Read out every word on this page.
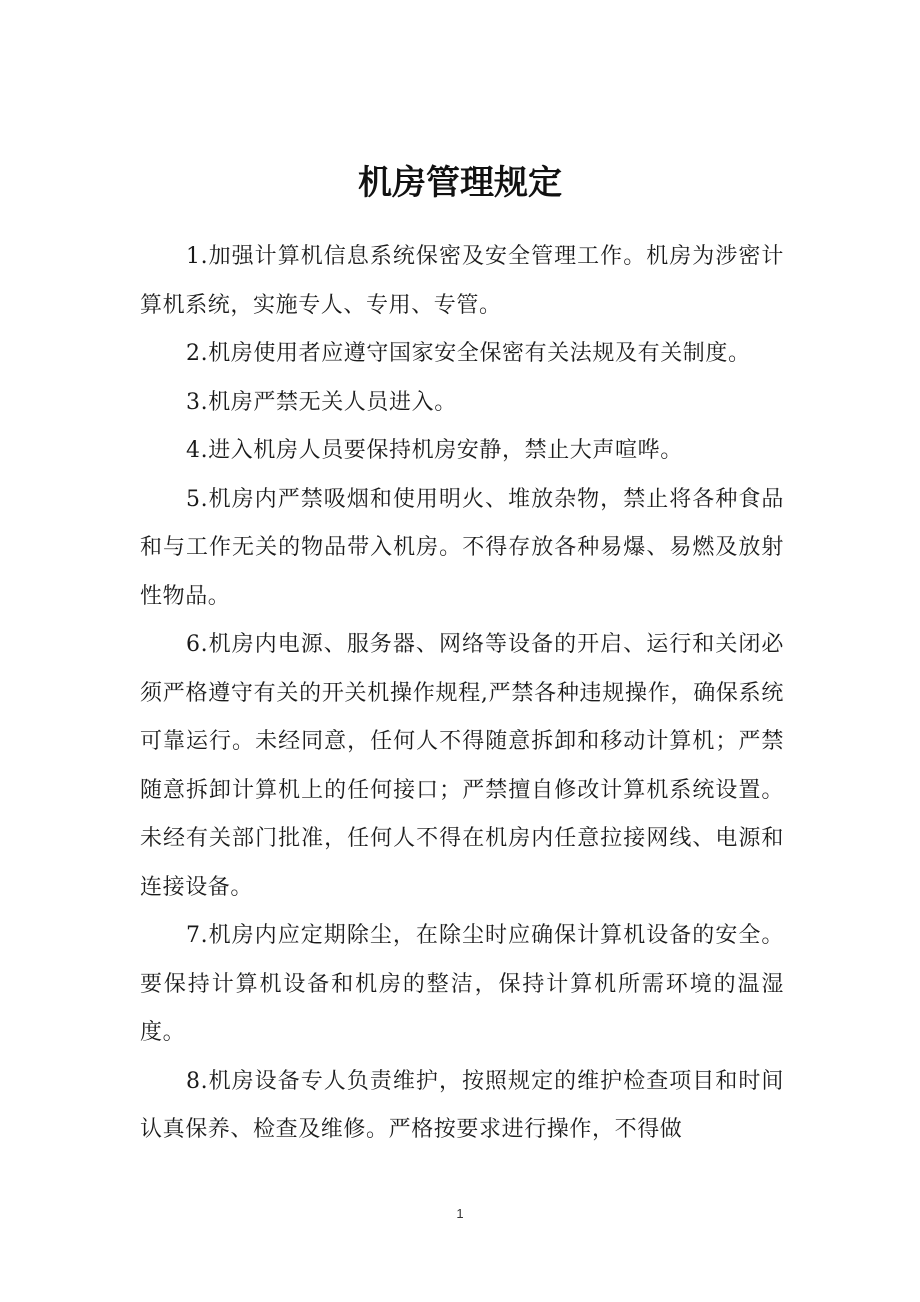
机房管理规定

1.加强计算机信息系统保密及安全管理工作。机房为涉密计算机系统，实施专人、专用、专管。

2.机房使用者应遵守国家安全保密有关法规及有关制度。

3.机房严禁无关人员进入。

4.进入机房人员要保持机房安静，禁止大声喧哗。

5.机房内严禁吸烟和使用明火、堆放杂物，禁止将各种食品和与工作无关的物品带入机房。不得存放各种易爆、易燃及放射性物品。

6.机房内电源、服务器、网络等设备的开启、运行和关闭必须严格遵守有关的开关机操作规程,严禁各种违规操作，确保系统可靠运行。未经同意，任何人不得随意拆卸和移动计算机；严禁随意拆卸计算机上的任何接口；严禁擅自修改计算机系统设置。未经有关部门批准，任何人不得在机房内任意拉接网线、电源和连接设备。

7.机房内应定期除尘，在除尘时应确保计算机设备的安全。要保持计算机设备和机房的整洁，保持计算机所需环境的温湿度。

8.机房设备专人负责维护，按照规定的维护检查项目和时间认真保养、检查及维修。严格按要求进行操作，不得做

1
